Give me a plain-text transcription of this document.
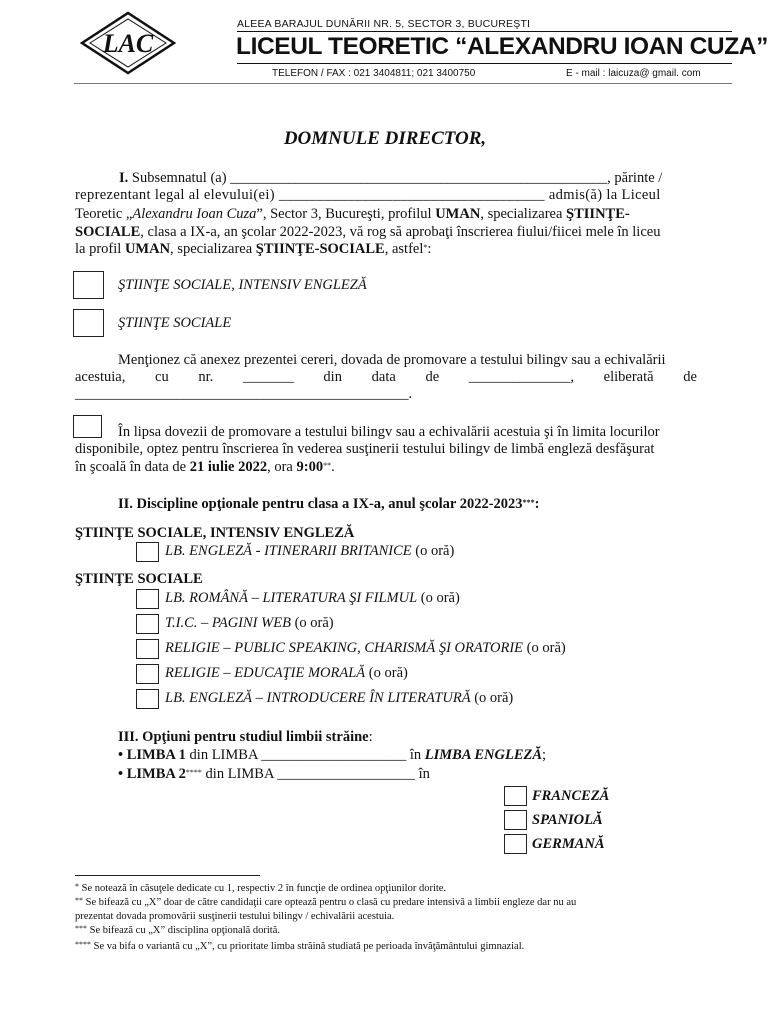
LAC
ALEEA BARAJUL DUNĂRII NR. 5, SECTOR 3, BUCUREŞTI
LICEUL TEORETIC “ALEXANDRU IOAN CUZA”
TELEFON / FAX : 021 3404811; 021 3400750	E - mail : laicuza@ gmail. com
DOMNULE DIRECTOR,
I. Subsemnatul (a) ____________________________________________________, părinte /
reprezentant legal al elevului(ei) ___________________________________ admis(ă) la Liceul
Teoretic „Alexandru Ioan Cuza”, Sector 3, Bucureşti, profilul UMAN, specializarea ŞTIINŢE-
SOCIALE, clasa a IX-a, an şcolar 2022-2023, vă rog să aprobaţi înscrierea fiului/fiicei mele în liceu
la profil UMAN, specializarea ŞTIINŢE-SOCIALE, astfel*:
ŞTIINŢE SOCIALE, INTENSIV ENGLEZĂ
ŞTIINŢE SOCIALE
Menţionez că anexez prezentei cereri, dovada de promovare a testului bilingv sau a echivalării
acestuia, cu nr. _______ din data de ______________, eliberată de
______________________________________________.
În lipsa dovezii de promovare a testului bilingv sau a echivalării acestuia şi în limita locurilor
disponibile, optez pentru înscrierea în vederea susţinerii testului bilingv de limbă engleză desfăşurat
în şcoală în data de 21 iulie 2022, ora 9:00**.
II. Discipline opţionale pentru clasa a IX-a, anul şcolar 2022-2023***:
ŞTIINŢE SOCIALE, INTENSIV ENGLEZĂ
LB. ENGLEZĂ - ITINERARII BRITANICE (o oră)
ŞTIINŢE SOCIALE
LB. ROMÂNĂ – LITERATURA ŞI FILMUL (o oră)
T.I.C. – PAGINI WEB (o oră)
RELIGIE – PUBLIC SPEAKING, CHARISMĂ ŞI ORATORIE (o oră)
RELIGIE – EDUCAŢIE MORALĂ (o oră)
LB. ENGLEZĂ – INTRODUCERE ÎN LITERATURĂ (o oră)
III. Opţiuni pentru studiul limbii străine:
• LIMBA 1 din LIMBA ____________________ în LIMBA ENGLEZĂ;
• LIMBA 2**** din LIMBA ___________________ în
FRANCEZĂ
SPANIOLĂ
GERMANĂ
* Se notează în căsuţele dedicate cu 1, respectiv 2 în funcţie de ordinea opţiunilor dorite.
** Se bifează cu „X” doar de către candidaţii care optează pentru o clasă cu predare intensivă a limbii engleze dar nu au
prezentat dovada promovării susţinerii testului bilingv / echivalării acestuia.
*** Se bifează cu „X” disciplina opţională dorită.
**** Se va bifa o variantă cu „X”, cu prioritate limba străină studiată pe perioada învăţământului gimnazial.
